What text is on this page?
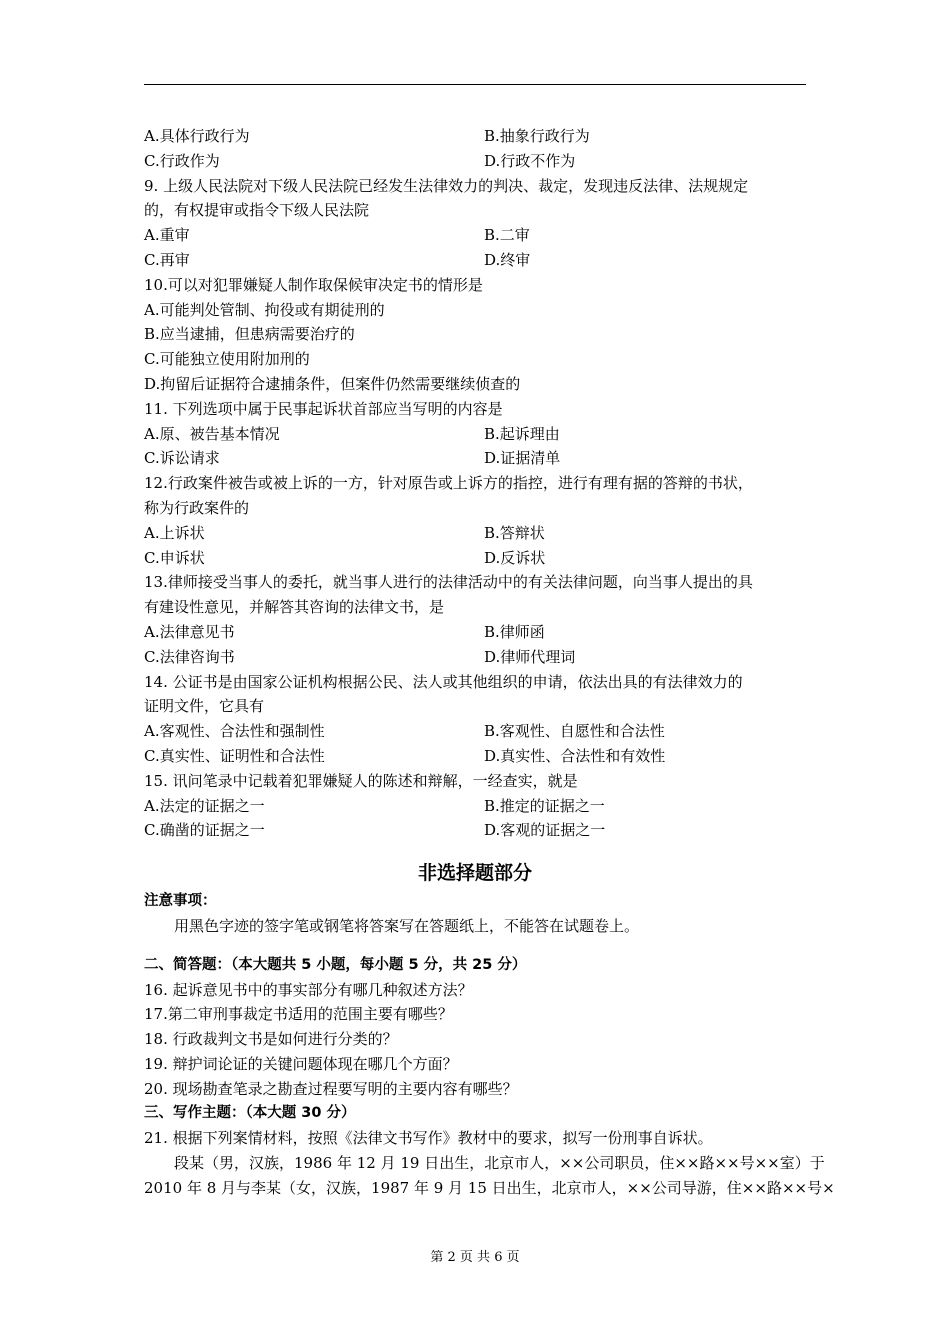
A.具体行政行为	B.抽象行政行为
C.行政作为	D.行政不作为
9. 上级人民法院对下级人民法院已经发生法律效力的判决、裁定，发现违反法律、法规规定
的，有权提审或指令下级人民法院
A.重审	B.二审
C.再审	D.终审
10.可以对犯罪嫌疑人制作取保候审决定书的情形是
A.可能判处管制、拘役或有期徒刑的
B.应当逮捕，但患病需要治疗的
C.可能独立使用附加刑的
D.拘留后证据符合逮捕条件，但案件仍然需要继续侦查的
11. 下列选项中属于民事起诉状首部应当写明的内容是
A.原、被告基本情况	B.起诉理由
C.诉讼请求	D.证据清单
12.行政案件被告或被上诉的一方，针对原告或上诉方的指控，进行有理有据的答辩的书状，
称为行政案件的
A.上诉状	B.答辩状
C.申诉状	D.反诉状
13.律师接受当事人的委托，就当事人进行的法律活动中的有关法律问题，向当事人提出的具
有建设性意见，并解答其咨询的法律文书，是
A.法律意见书	B.律师函
C.法律咨询书	D.律师代理词
14. 公证书是由国家公证机构根据公民、法人或其他组织的申请，依法出具的有法律效力的
证明文件，它具有
A.客观性、合法性和强制性	B.客观性、自愿性和合法性
C.真实性、证明性和合法性	D.真实性、合法性和有效性
15. 讯问笔录中记载着犯罪嫌疑人的陈述和辩解，一经查实，就是
A.法定的证据之一	B.推定的证据之一
C.确凿的证据之一	D.客观的证据之一
非选择题部分
注意事项：
用黑色字迹的签字笔或钢笔将答案写在答题纸上，不能答在试题卷上。
二、简答题：（本大题共 5 小题，每小题 5 分，共 25 分）
16. 起诉意见书中的事实部分有哪几种叙述方法？
17.第二审刑事裁定书适用的范围主要有哪些？
18. 行政裁判文书是如何进行分类的？
19. 辩护词论证的关键问题体现在哪几个方面？
20. 现场勘查笔录之勘查过程要写明的主要内容有哪些？
三、写作主题：（本大题 30 分）
21. 根据下列案情材料，按照《法律文书写作》教材中的要求，拟写一份刑事自诉状。
段某（男，汉族，1986 年 12 月 19 日出生，北京市人，××公司职员，住××路××号××室）于
2010 年 8 月与李某（女，汉族，1987 年 9 月 15 日出生，北京市人，××公司导游，住××路××号×
第 2 页 共 6 页
